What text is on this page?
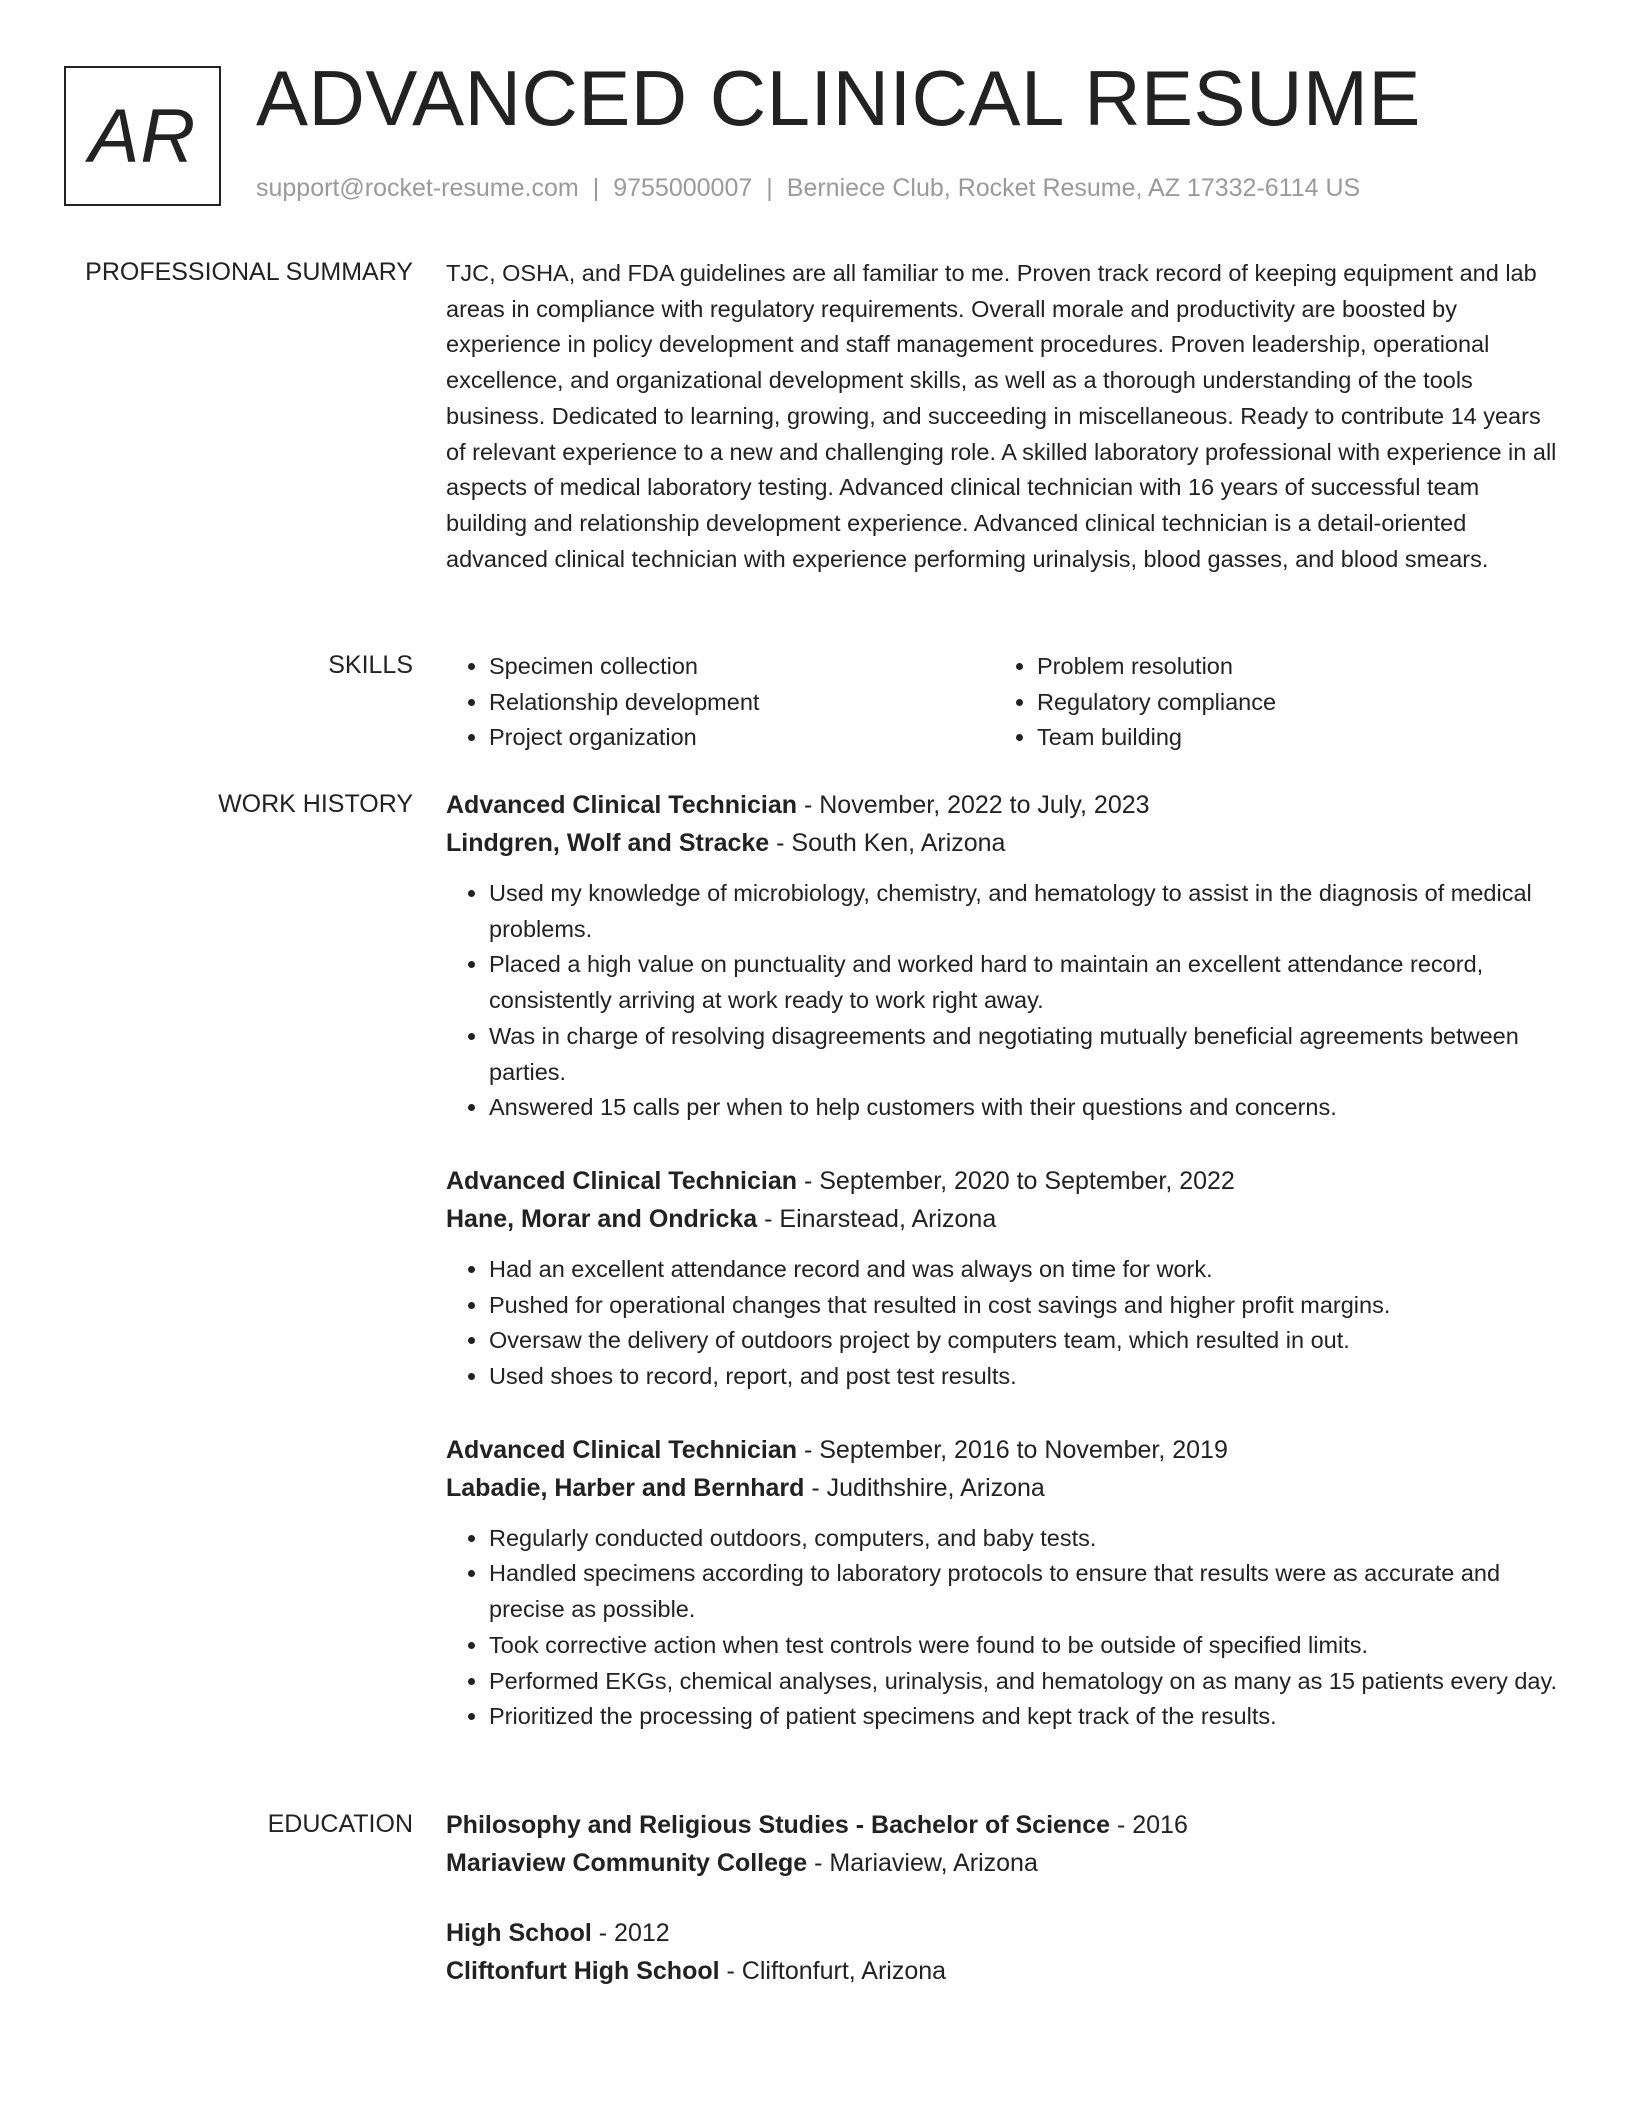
AR ADVANCED CLINICAL RESUME
support@rocket-resume.com | 9755000007 | Berniece Club, Rocket Resume, AZ 17332-6114 US
PROFESSIONAL SUMMARY TJC, OSHA, and FDA guidelines are all familiar to me. Proven track record of keeping equipment and lab areas in compliance with regulatory requirements. Overall morale and productivity are boosted by experience in policy development and staff management procedures. Proven leadership, operational excellence, and organizational development skills, as well as a thorough understanding of the tools business. Dedicated to learning, growing, and succeeding in miscellaneous. Ready to contribute 14 years of relevant experience to a new and challenging role. A skilled laboratory professional with experience in all aspects of medical laboratory testing. Advanced clinical technician with 16 years of successful team building and relationship development experience. Advanced clinical technician is a detail-oriented advanced clinical technician with experience performing urinalysis, blood gasses, and blood smears.

SKILLS
•	Specimen collection
• Relationship development
• Project organization
• Problem resolution
• Regulatory compliance
• Team building
WORK HISTORY Advanced Clinical Technician - November, 2022 to July, 2023
Lindgren, Wolf and Stracke - South Ken, Arizona
• Used my knowledge of microbiology, chemistry, and hematology to assist in the diagnosis of medical problems.
• Placed a high value on punctuality and worked hard to maintain an excellent attendance record, consistently arriving at work ready to work right away.
• Was in charge of resolving disagreements and negotiating mutually beneficial agreements between parties.
• Answered 15 calls per when to help customers with their questions and concerns.
Advanced Clinical Technician - September, 2020 to September, 2022
Hane, Morar and Ondricka - Einarstead, Arizona
• Had an excellent attendance record and was always on time for work.
• Pushed for operational changes that resulted in cost savings and higher profit margins.
• Oversaw the delivery of outdoors project by computers team, which resulted in out.
• Used shoes to record, report, and post test results.
Advanced Clinical Technician - September, 2016 to November, 2019
Labadie, Harber and Bernhard - Judithshire, Arizona
• Regularly conducted outdoors, computers, and baby tests.
• Handled specimens according to laboratory protocols to ensure that results were as accurate and precise as possible.
• Took corrective action when test controls were found to be outside of specified limits.
• Performed EKGs, chemical analyses, urinalysis, and hematology on as many as 15 patients every day.
• Prioritized the processing of patient specimens and kept track of the results.
EDUCATION Philosophy and Religious Studies - Bachelor of Science - 2016
Mariaview Community College - Mariaview, Arizona
High School - 2012
Cliftonfurt High School - Cliftonfurt, Arizona
